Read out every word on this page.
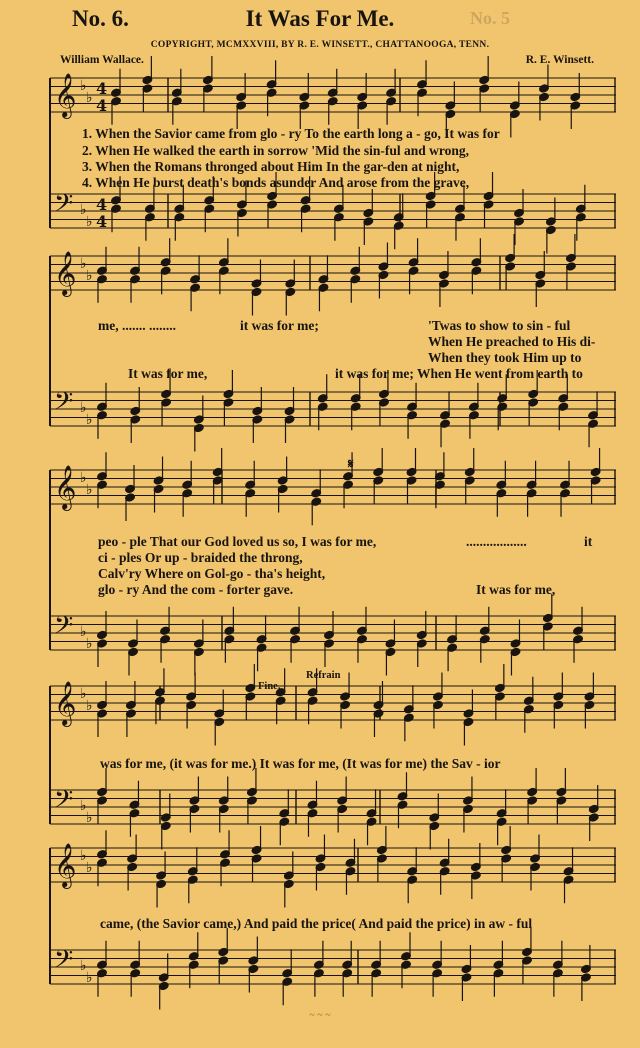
No. 6.	It Was For Me.	No. 5
COPYRIGHT, MCMXXVIII, BY R. E. WINSETT., CHATTANOOGA, TENN.
William Wallace.	R. E. Winsett.
𝄞 ♭
♭ 4
4
𝄢 ♭
♭
4
4
𝄞 ♭
♭
𝄢 ♭
♭
𝄞 ♭
♭
𝄢 ♭
♭
𝄞 ♭
♭
𝄢 ♭
♭
𝄞 ♭
♭
𝄢 ♭
♭
1. When the Savior came from glo - ry To the earth long a - go, It was for
2. When He walked the earth in sorrow 'Mid the sin-ful and wrong,
3. When the Romans thronged about Him In the gar-den at night,
4. When He burst death's bonds asunder And arose from the grave,
me, ....... ........	it was for me;	'Twas to show to sin - ful
When He preached to His di-
When they took Him up to
It was for me,	it was for me; When He went from earth to
𝄋
peo - ple That our God loved us so, I was for me,	..................	it
ci - ples Or up - braided the throng,
Calv'ry Where on Gol-go - tha's height,
glo - ry And the com - forter gave.	It was for me,
Fine.
Refrain
was for me, (it was for me.) It was for me, (It was for me) the Sav - ior
came, (the Savior came,) And paid the price( And paid the price) in aw - ful
~ ~ ~
